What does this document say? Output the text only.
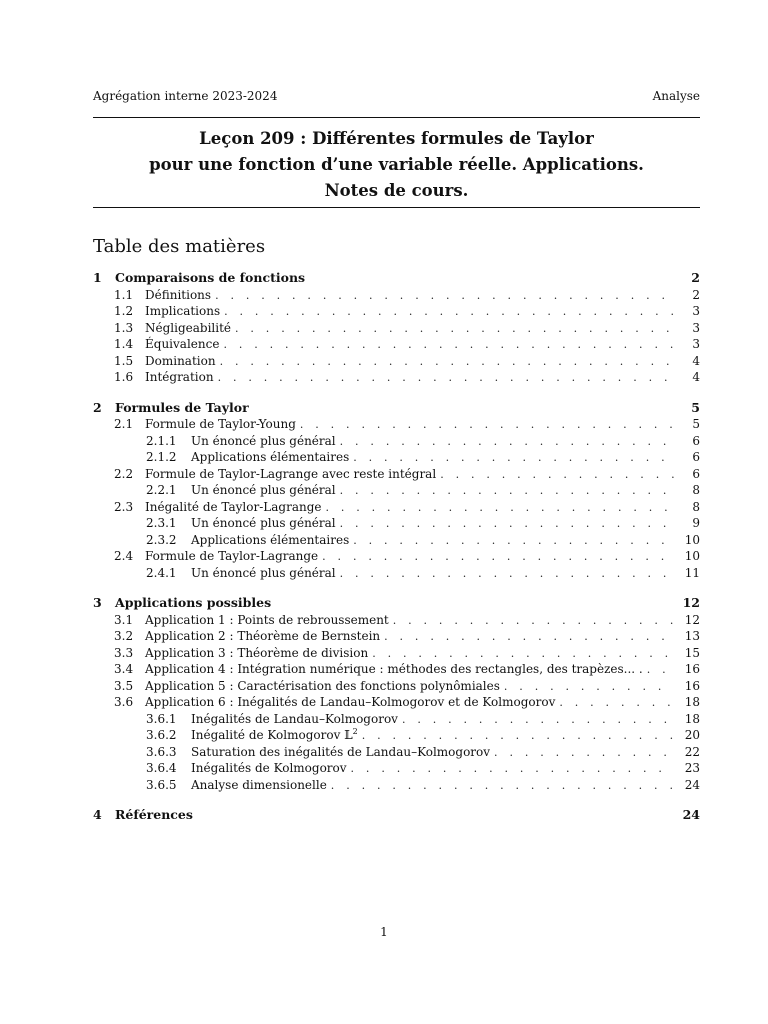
Agrégation interne 2023-2024	Analyse
Leçon 209 : Différentes formules de Taylor
pour une fonction d’une variable réelle. Applications.
Notes de cours.
Table des matières
1	Comparaisons de fonctions	2
1.1 Définitions . . .	2
1.2 Implications . . .	3
1.3 Négligeabilité . . .	3
1.4 Équivalence . . .	3
1.5 Domination . . .	4
1.6 Intégration . . .	4
2	Formules de Taylor	5
2.1 Formule de Taylor-Young . . .	5
2.1.1	Un énoncé plus général . . .	6
2.1.2	Applications élémentaires . . .	6
2.2 Formule de Taylor-Lagrange avec reste intégral . . .	6
2.2.1	Un énoncé plus général . . .	8
2.3 Inégalité de Taylor-Lagrange . . .	8
2.3.1	Un énoncé plus général . . .	9
2.3.2	Applications élémentaires . . .	10
2.4 Formule de Taylor-Lagrange . . .	10
2.4.1	Un énoncé plus général . . .	11
3	Applications possibles	12
3.1 Application 1 : Points de rebroussement . . .	12
3.2 Application 2 : Théorème de Bernstein . . .	13
3.3 Application 3 : Théorème de division . . .	15
3.4 Application 4 : Intégration numérique : méthodes des rectangles, des trapèzes... . . . .	16
3.5 Application 5 : Caractérisation des fonctions polynômiales . . .	16
3.6 Application 6 : Inégalités de Landau–Kolmogorov et de Kolmogorov . . .	18
3.6.1	Inégalités de Landau–Kolmogorov . . .	18
3.6.2	Inégalité de Kolmogorov 𝕃$^2$ . . .	20
3.6.3	Saturation des inégalités de Landau–Kolmogorov . . .	22
3.6.4	Inégalités de Kolmogorov . . .	23
3.6.5	Analyse dimensionelle . . .	24
4	Références	24
1
